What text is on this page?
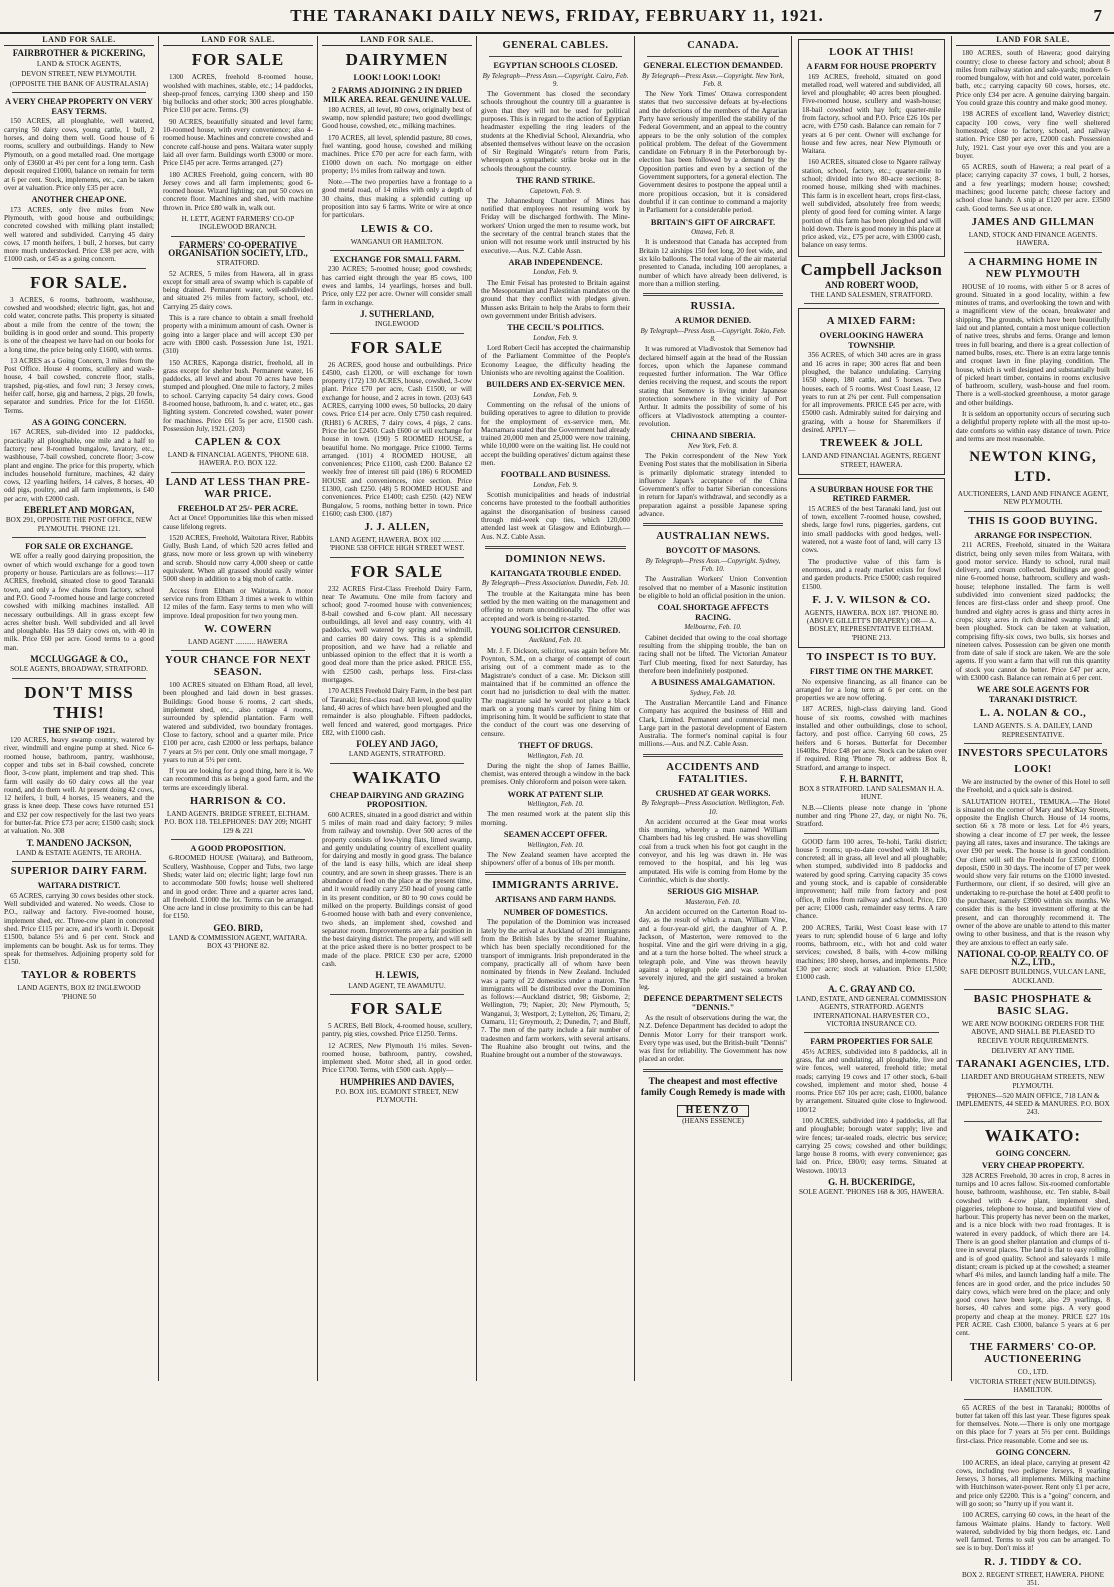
THE TARANAKI DAILY NEWS, FRIDAY, FEBRUARY 11, 1921.	7
LAND FOR SALE.
FAIRBROTHER & PICKERING,
LAND & STOCK AGENTS,
DEVON STREET, NEW PLYMOUTH.
(OPPOSITE THE BANK OF AUSTRALASIA)
A VERY CHEAP PROPERTY ON VERY EASY TERMS.

150 ACRES, all ploughable, well watered, carrying 50 dairy cows, young cattle, 1 bull, 2 horses, and doing them well. Good house of 6 rooms, scullery and outbuildings. Handy to New Plymouth, on a good metalled road. One mortgage only of £3600 at 4½ per cent for a long term. Cash deposit required £1000, balance on remain for term at 6 per cent. Stock, implements, etc., can be taken over at valuation. Price only £35 per acre.

ANOTHER CHEAP ONE.

173 ACRES, only five miles from New Plymouth, with good house and outbuildings; concreted cowshed with milking plant installed; well watered and subdivided. Carrying 45 dairy cows, 17 month heifers, 1 bull, 2 horses, but carry more much understocked. Price £38 per acre, with £1000 cash, or £45 as a going concern.

FOR SALE.

3 ACRES, 6 rooms, bathroom, washhouse, cowshed and woodshed; electric light, gas, hot and cold water, concrete paths. This property is situated about a mile from the centre of the town; the building is in good order and sound. This property is one of the cheapest we have had on our books for a long time, the price being only £1600, with terms.

13 ACRES as a Going Concern, 3 miles from the Post Office. House 4 rooms, scullery and wash-house, 4 bail cowshed, concrete floor, stalls, trapshed, pig-sties, and fowl run; 3 Jersey cows, heifer calf, horse, gig and harness, 2 pigs, 20 fowls, separator and sundries. Price for the lot £1650. Terms.

AS A GOING CONCERN.

167 ACRES, sub-divided into 12 paddocks, practically all ploughable, one mile and a half to factory; new 8-roomed bungalow, lavatory, etc., washhouse, 7-bail cowshed, concrete floor; 3-cow plant and engine. The price for this property, which includes household furniture, machines, 42 dairy cows, 12 yearling heifers, 14 calves, 8 horses, 40 odd pigs, poultry, and all farm implements, is £40 per acre, with £2000 cash.

EBERLET AND MORGAN,
BOX 291, OPPOSITE THE POST OFFICE, NEW PLYMOUTH. 'PHONE 121.
FOR SALE OR EXCHANGE.

WE offer a really good dairying proposition, the owner of which would exchange for a good town property or house. Particulars are as follows:—117 ACRES, freehold, situated close to good Taranaki town, and only a few chains from factory, school and P.O. Good 7-roomed house and large concreted cowshed with milking machines installed. All necessary outbuildings. All in grass except few acres shelter bush. Well subdivided and all level and ploughable. Has 59 dairy cows on, with 40 in milk. Price £60 per acre. Good terms to a good man.

MCCLUGGAGE & CO.,
SOLE AGENTS, BROADWAY, STRATFORD.
DON'T MISS THIS!
THE SNIP OF 1921.

120 ACRES, heavy swamp country, watered by river, windmill and engine pump at shed. Nice 6-roomed house, bathroom, pantry, washhouse, copper and tubs set in 8-bail cowshed, concrete floor, 3-cow plant, implement and trap shed. This farm will easily do 60 dairy cows all the year round, and do them well. At present doing 42 cows, 12 heifers, 1 bull, 4 horses, 15 weaners, and the grass is knee deep. These cows have returned £51 and £32 per cow respectively for the last two years for butter-fat. Price £73 per acre; £1500 cash; stock at valuation. No. 308

T. MANDENO JACKSON,
LAND & ESTATE AGENTS, TE AROHA.
SUPERIOR DAIRY FARM.
WAITARA DISTRICT.

65 ACRES, carrying 30 cows besides other stock. Well subdivided and watered. No weeds. Close to P.O., railway and factory. Five-roomed house, implement shed, etc. Three-cow plant in concreted shed. Price £115 per acre, and it's worth it. Deposit £1500, balance 5½ and 6 per cent. Stock and implements can be bought. Ask us for terms. They speak for themselves. Adjoining property sold for £150.

TAYLOR & ROBERTS
LAND AGENTS, BOX 82 INGLEWOOD 'PHONE 50
LAND FOR SALE.
FOR SALE

1300 ACRES, freehold 8-roomed house, woolshed with machines, stable, etc.; 14 paddocks, sheep-proof fences, carrying 1300 sheep and 150 big bullocks and other stock; 300 acres ploughable. Price £10 per acre. Terms. (9)

90 ACRES, beautifully situated and level farm; 10-roomed house, with every convenience; also 4-roomed house. Machines and concrete cowshed and concrete calf-house and pens. Waitara water supply laid all over farm. Buildings worth £3000 or more. Price £145 per acre. Terms arranged. (27)

180 ACRES Freehold, going concern, with 80 Jersey cows and all farm implements; good 6-roomed house. Wizard lighting; can put 50 cows on concrete floor. Machines and shed, with machine thrown in. Price £80 walk in, walk out.

H. LETT, AGENT FARMERS' CO-OP INGLEWOOD BRANCH.
FARMERS' CO-OPERATIVE ORGANISATION SOCIETY, LTD.,
STRATFORD.

52 ACRES, 5 miles from Hawera, all in grass except for small area of swamp which is capable of being drained. Permanent water, well-subdivided and situated 2½ miles from factory, school, etc. Carrying 25 dairy cows.

This is a rare chance to obtain a small freehold property with a minimum amount of cash. Owner is going into a larger place and will accept £30 per acre with £800 cash. Possession June 1st, 1921. (310)

150 ACRES, Kaponga district, freehold, all in grass except for shelter bush. Permanent water, 16 paddocks, all level and about 70 acres have been stumped and ploughed. One mile to factory, 2 miles to school. Carrying capacity 54 dairy cows. Good 8-roomed house, bathroom, h. and c. water, etc., gas lighting system. Concreted cowshed, water power for machines. Price £61 5s per acre, £1500 cash. Possession July, 1921. (203)

CAPLEN & COX
LAND & FINANCIAL AGENTS, 'PHONE 618. HAWERA. P.O. BOX 122.
LAND AT LESS THAN PRE-WAR PRICE.
FREEHOLD AT 25/- PER ACRE.

Act at Once! Opportunities like this when missed cause lifelong regrets.

1520 ACRES, Freehold, Waitotara River, Rabbits Gully, Bush Land, of which 520 acres felled and grass, now more or less grown up with wineberry and scrub. Should now carry 4,000 sheep or cattle equivalent. When all grassed should easily winter 5000 sheep in addition to a big mob of cattle.

Access from Eltham or Waitotara. A motor service runs from Eltham 3 times a week to within 12 miles of the farm. Easy terms to men who will improve. Ideal proposition for two young men.

W. COWERN
LAND AGENT ........... HAWERA
YOUR CHANCE FOR NEXT SEASON.

100 ACRES situated on Eltham Road, all level, been ploughed and laid down in best grasses. Buildings: Good house 6 rooms, 2 cart sheds, implement shed, etc., also cottage 4 rooms, surrounded by splendid plantation. Farm well watered and subdivided, two boundary frontages. Close to factory, school and a quarter mile. Price £100 per acre, cash £2000 or less perhaps, balance 7 years at 5½ per cent. Only one small mortgage, 7 years to run at 5½ per cent.

If you are looking for a good thing, here it is. We can recommend this as being a good farm, and the terms are exceedingly liberal.

HARRISON & CO.
LAND AGENTS. BRIDGE STREET, ELTHAM. P.O. BOX 118. TELEPHONES: DAY 209; NIGHT 129 & 221
A GOOD PROPOSITION.

6-ROOMED HOUSE (Waitara), and Bathroom, Scullery, Washhouse, Copper and Tubs, two large Sheds; water laid on; electric light; large fowl run to accommodate 500 fowls; house well sheltered and in good order. Three and a quarter acres land, all freehold. £1000 the lot. Terms can be arranged. One acre land in close proximity to this can be had for £150.

GEO. BIRD,
LAND & COMMISSION AGENT, WAITARA. BOX 43 'PHONE 82.
LAND FOR SALE.
DAIRYMEN
LOOK! LOOK! LOOK!
2 FARMS ADJOINING 2 IN DRIED MILK AREA. REAL GENUINE VALUE.

180 ACRES, all level, 80 cows, originally best of swamp, now splendid pasture; two good dwellings; Good house, cowshed, etc., milking machines.

170 ACRES, all level, splendid pasture, 80 cows, fuel wanting, good house, cowshed and milking machines. Price £70 per acre for each farm, with £1000 down on each. No mortgage on either property; 1½ miles from railway and town.

Note.—The two properties have a frontage to a good metal road, of 14 miles with only a depth of 30 chains, thus making a splendid cutting up proposition into say 6 farms. Write or wire at once for particulars.

LEWIS & CO.
WANGANUI OR HAMILTON.
EXCHANGE FOR SMALL FARM.

230 ACRES; 5-roomed house; good cowsheds; has carried eight through the year 85 cows, 100 ewes and lambs, 14 yearlings, horses and bull. Price, only £22 per acre. Owner will consider small farm in exchange.

J. SUTHERLAND,
INGLEWOOD
FOR SALE

26 ACRES, good house and outbuildings. Price £4500, cash £1200, or will exchange for town property (172) 130 ACRES, house, cowshed, 3-cow plant. Price £70 per acre, Cash £1500, or will exchange for house, and 2 acres in town. (203) 643 ACRES, carrying 1000 ewes, 50 bullocks, 20 dairy cows. Price £14 per acre. Only £750 cash required. (RH81) 6 ACRES, 7 dairy cows, 4 pigs, 2 cans. Price the lot £2450. Cash £600 or will exchange for house in town. (190) 5 ROOMED HOUSE, a beautiful home. No mortgage. Price £1000. Terms arranged. (101) 4 ROOMED HOUSE, all conveniences; Price £1100, cash £200. Balance £2 weekly free of interest till paid (186) 6 ROOMED HOUSE and conveniences, nice section. Price £1300, cash £250. (48) 5 ROOMED HOUSE and conveniences. Price £1400; cash £250. (42) NEW Bungalow, 5 rooms, nothing better in town. Price £1600; cash £300. (187)

J. J. ALLEN,
LAND AGENT, HAWERA. BOX 102 ............ 'PHONE 538 OFFICE HIGH STREET WEST.
FOR SALE

232 ACRES First-Class Freehold Dairy Farm, near Te Awamutu. One mile from factory and school; good 7-roomed house with conveniences; 8-bail cowshed and 6-cow plant. All necessary outbuildings, all level and easy country, with 41 paddocks, well watered by spring and windmill, and carries 80 dairy cows. This is a splendid proposition, and we have had a reliable and unbiassed opinion to the effect that it is worth a good deal more than the price asked. PRICE £55, with £2500 cash, perhaps less. First-class mortgages.

170 ACRES Freehold Dairy Farm, in the best part of Taranaki; first-class road. All level, good quality land, 40 acres of which have been ploughed and the remainder is also ploughable. Fifteen paddocks, well fenced and watered, good mortgages. Price £82, with £1000 cash.

FOLEY AND JAGO,
LAND AGENTS, STRATFORD.
WAIKATO
CHEAP DAIRYING AND GRAZING PROPOSITION.

600 ACRES, situated in a good district and within 5 miles of main road and dairy factory; 9 miles from railway and township. Over 500 acres of the property consists of low-lying flats, limed swamp, and gently undulating country of excellent quality for dairying and mostly in good grass. The balance of the land is easy hills, which are ideal sheep country, and are sown in sheep grasses. There is an abundance of feed on the place at the present time, and it would readily carry 250 head of young cattle in its present condition, or 80 to 90 cows could be milked on the property. Buildings consist of good 6-roomed house with bath and every convenience, two sheds, an implement shed, cowshed and separator room. Improvements are a fair position in the best dairying district. The property, and will sell at the price asked there is no better prospect to be made of the place. PRICE £30 per acre, £2000 cash.

H. LEWIS,
LAND AGENT, TE AWAMUTU.
FOR SALE

5 ACRES, Bell Block, 4-roomed house, scullery, pantry, pig sties, cowshed. Price £1250. Terms.

12 ACRES, New Plymouth 1½ miles. Seven-roomed house, bathroom, pantry, cowshed, implement shed. Motor shed, all in good order. Price £1700. Terms, with £500 cash. Apply—

HUMPHRIES AND DAVIES,
P.O. BOX 105. EGMONT STREET, NEW PLYMOUTH.
GENERAL CABLES.
EGYPTIAN SCHOOLS CLOSED.
By Telegraph—Press Assn.—Copyright. Cairo, Feb. 9.

The Government has closed the secondary schools throughout the country till a guarantee is given that they will not be used for political purposes. This is in regard to the action of Egyptian headmaster expelling the ring leaders of the students at the Khedivial School, Alexandria, who absented themselves without leave on the occasion of Sir Reginald Wingate's return from Paris, whereupon a sympathetic strike broke out in the schools throughout the country.

THE RAND STRIKE.
Capetown, Feb. 9.

The Johannesburg Chamber of Mines has notified that employees not resuming work by Friday will be discharged forthwith. The Mine-workers' Union urged the men to resume work, but the secretary of the central branch states that the union will not resume work until instructed by his executive.—Aus. N.Z. Cable Assn.

ARAB INDEPENDENCE.
London, Feb. 9.

The Emir Feisal has protested to Britain against the Mesopotamian and Palestinian mandates on the ground that they conflict with pledges given. Mussen asks Britain to help the Arabs to form their own government under British advisers.

THE CECIL'S POLITICS.
London, Feb. 9.

Lord Robert Cecil has accepted the chairmanship of the Parliament Committee of the People's Economy League, the difficulty heading the Unionists who are revolting against the Coalition.

BUILDERS AND EX-SERVICE MEN.
London, Feb. 9.

Commenting on the refusal of the unions of building operatives to agree to dilution to provide for the employment of ex-service men, Mr. Macnamara stated that the Government had already trained 20,000 men and 25,000 were now training, while 10,000 were on the waiting list. He could not accept the building operatives' dictum against these men.

FOOTBALL AND BUSINESS.
London, Feb. 9.

Scottish municipalities and heads of industrial concerns have protested to the football authorities against the disorganisation of business caused through mid-week cup ties, which 120,000 attended last week at Glasgow and Edinburgh.—Aus. N.Z. Cable Assn.

DOMINION NEWS.
KAITANGATA TROUBLE ENDED.
By Telegraph—Press Association. Dunedin, Feb. 10.

The trouble at the Kaitangata mine has been settled by the men waiting on the management and offering to return unconditionally. The offer was accepted and work is being re-started.

YOUNG SOLICITOR CENSURED.
Auckland, Feb. 10.

Mr. J. F. Dickson, solicitor, was again before Mr. Poynton, S.M., on a charge of contempt of court arising out of a comment made as to the Magistrate's conduct of a case. Mr. Dickson still maintained that if he committed an offence the court had no jurisdiction to deal with the matter. The magistrate said he would not place a black mark on a young man's career by fining him or imprisoning him. It would be sufficient to state that the conduct of the court was one deserving of censure.

THEFT OF DRUGS.
Wellington, Feb. 10.

During the night the shop of James Baillie, chemist, was entered through a window in the back premises. Only chloroform and poison were taken.

WORK AT PATENT SLIP.
Wellington, Feb. 10.

The men resumed work at the patent slip this morning.

SEAMEN ACCEPT OFFER.
Wellington, Feb. 10.

The New Zealand seamen have accepted the shipowners' offer of a bonus of 10s per month.

IMMIGRANTS ARRIVE.
ARTISANS AND FARM HANDS.
NUMBER OF DOMESTICS.

The population of the Dominion was increased lately by the arrival at Auckland of 201 immigrants from the British Isles by the steamer Ruahine, which has been specially reconditioned for the transport of immigrants. Irish preponderated in the company, practically all of whom have been nominated by friends in New Zealand. Included was a party of 22 domestics under a matron. The immigrants will be distributed over the Dominion as follows:—Auckland district, 98; Gisborne, 2; Wellington, 79; Napier, 20; New Plymouth, 5; Wanganui, 3; Westport, 2; Lyttelton, 26; Timaru, 2; Oamaru, 11; Greymouth, 2; Dunedin, 7; and Bluff, 7. The men of the party include a fair number of tradesmen and farm workers, with several artisans. The Ruahine also brought out twins, and the Ruahine brought out a number of the stowaways.

CANADA.
GENERAL ELECTION DEMANDED.
By Telegraph—Press Assn.—Copyright. New York, Feb. 8.

The New York Times' Ottawa correspondent states that two successive defeats at by-elections and the defections of the members of the Agrarian Party have seriously imperilled the stability of the Federal Government, and an appeal to the country appears to be the only solution of the complex political problem. The defeat of the Government candidate on February 8 in the Peterborough by-election has been followed by a demand by the Opposition parties and even by a section of the Government supporters, for a general election. The Government desires to postpone the appeal until a more propitious occasion, but it is considered doubtful if it can continue to command a majority in Parliament for a considerable period.

BRITAIN'S GIFT OF AIRCRAFT.
Ottawa, Feb. 8.

It is understood that Canada has accepted from Britain 12 airships 150 feet long, 20 feet wide, and six kilo balloons. The total value of the air material presented to Canada, including 100 aeroplanes, a number of which have already been delivered, is more than a million sterling.

RUSSIA.
A RUMOR DENIED.
By Telegraph—Press Assn.—Copyright. Tokio, Feb. 8.

It was rumored at Vladivostok that Semenov had declared himself again at the head of the Russian forces, upon which the Japanese command requested further information. The War Office denies receiving the request, and scouts the report stating that Semenov is living under Japanese protection somewhere in the vicinity of Port Arthur. It admits the possibility of some of his officers at Vladivostock attempting a counter-revolution.

CHINA AND SIBERIA.
New York, Feb. 8.

The Pekin correspondent of the New York Evening Post states that the mobilisation in Siberia is primarily diplomatic strategy intended to influence Japan's acceptance of the China Government's offer to barter Siberian concessions in return for Japan's withdrawal, and secondly as a preparation against a possible Japanese spring advance.

AUSTRALIAN NEWS.
BOYCOTT OF MASONS.
By Telegraph—Press Assn.—Copyright. Sydney, Feb. 10.

The Australian Workers' Union Convention resolved that no member of a Masonic institution be eligible to hold an official position in the union.

COAL SHORTAGE AFFECTS RACING.
Melbourne, Feb. 10.

Cabinet decided that owing to the coal shortage resulting from the shipping trouble, the ban on racing shall not be lifted. The Victorian Amateur Turf Club meeting, fixed for next Saturday, has therefore been indefinitely postponed.

A BUSINESS AMALGAMATION.
Sydney, Feb. 10.

The Australian Mercantile Land and Finance Company has acquired the business of Hill and Clark, Limited. Permanent and commercial men. Large part in the pastoral development of Eastern Australia. The former's nominal capital is four millions.—Aus. and N.Z. Cable Assn.

ACCIDENTS AND FATALITIES.
CRUSHED AT GEAR WORKS.
By Telegraph—Press Association. Wellington, Feb. 10.

An accident occurred at the Gear meat works this morning, whereby a man named William Chambers had his leg crushed. He was shovelling coal from a truck when his foot got caught in the conveyor, and his leg was drawn in. He was removed to the hospital, and his leg was amputated. His wife is coming from Home by the Corinthic, which is due shortly.

SERIOUS GIG MISHAP.
Masterton, Feb. 10.

An accident occurred on the Carterton Road to-day, as the result of which a man, William Vine, and a four-year-old girl, the daughter of A. P. Jackson, of Masterton, were removed to the hospital. Vine and the girl were driving in a gig, and at a turn the horse bolted. The wheel struck a telegraph pole, and Vine was thrown heavily against a telegraph pole and was somewhat severely injured, and the girl sustained a broken leg.

DEFENCE DEPARTMENT SELECTS "DENNIS."

As the result of observations during the war, the N.Z. Defence Department has decided to adopt the Dennis Motor Lorry for their transport work. Every type was used, but the British-built "Dennis" was first for reliability. The Government has now placed an order.

The cheapest and most effective family Cough Remedy is made with
HEENZO
(HEANS ESSENCE)
LOOK AT THIS!
A FARM FOR HOUSE PROPERTY

169 ACRES, freehold, situated on good metalled road, well watered and subdivided, all level and ploughable; 40 acres been ploughed. Five-roomed house, scullery and wash-house; 18-bail cowshed with hay loft; quarter-mile from factory, school and P.O. Price £26 10s per acre, with £750 cash. Balance can remain for 7 years at 6 per cent. Owner will exchange for house and few acres, near New Plymouth or Waitara.

160 ACRES, situated close to Ngaere railway station, school, factory, etc.; quarter-mile to school; divided into two 80-acre sections; 8-roomed house, milking shed with machines. This farm is in excellent heart, crops first-class, well subdivided, absolutely free from weeds; plenty of good feed for coming winter. A large portion of this farm has been ploughed and will hold down. There is good money in this place at price asked, viz., £75 per acre, with £3000 cash, balance on easy terms.

Campbell Jackson
AND ROBERT WOOD,
THE LAND SALESMEN, STRATFORD.
A MIXED FARM:
OVERLOOKING HAWERA TOWNSHIP.

356 ACRES, of which 340 acres are in grass and 16 acres in rape; 300 acres flat and been ploughed, the balance undulating. Carrying 1650 sheep, 180 cattle, and 5 horses. Two houses, each of 5 rooms. West Coast Lease, 12 years to run at 2¾ per cent. Full compensation for all improvements. PRICE £45 per acre, with £5000 cash. Admirably suited for dairying and grazing, with a house for Sharemilkers if desired. APPLY—

TREWEEK & JOLL
LAND AND FINANCIAL AGENTS, REGENT STREET, HAWERA.
A SUBURBAN HOUSE FOR THE RETIRED FARMER.

15 ACRES of the best Taranaki land, just out of town, excellent 7-roomed house, cowshed, sheds, large fowl runs, piggeries, gardens, cut into small paddocks with good hedges, well-watered, not a waste foot of land, will carry 13 cows.

The productive value of this farm is enormous, and a ready market exists for fowl and garden products. Price £5000; cash required £1500.

F. J. V. WILSON & CO.
AGENTS, HAWERA. BOX 187. 'PHONE 80. (ABOVE GILLETT'S DRAPERY.) OR— A. BOSLEY, REPRESENTATIVE ELTHAM. 'PHONE 213.
TO INSPECT IS TO BUY.
FIRST TIME ON THE MARKET.

No expensive financing, as all finance can be arranged for a long term at 6 per cent. on the properties we are now offering.

187 ACRES, high-class dairying land. Good house of six rooms, cowshed with machines installed and other outbuildings, close to school, factory, and post office. Carrying 60 cows, 25 heifers and 6 horses. Butterfat for December 1640lbs. Price £48 per acre. Stock can be taken over if required. Ring 'Phone 78, or address Box 8, Stratford, and arrange to inspect.

F. H. BARNITT,
BOX 8 STRATFORD. LAND SALESMAN H. A. HUNT.

N.B.—Clients please note change in 'phone number and ring 'Phone 27, day, or night No. 76, Stratford.

GOOD farm 100 acres, Te-hohi, Tariki district; house 5 rooms; up-to-date cowshed with 18 bails, concreted; all in grass, all level and all ploughable; when stumped, subdivided into 8 paddocks and watered by good spring. Carrying capacity 35 cows and young stock, and is capable of considerable improvement; half mile from factory and post office, 8 miles from railway and school. Price, £30 per acre; £1000 cash, remainder easy terms. A rare chance.

200 ACRES, Tariki, West Coast lease with 17 years to run; splendid house of 6 large and lofty rooms, bathroom, etc., with hot and cold water services; cowshed, 8 bails, with 4-cow milking machines; 180 sheep, horses, and implements. Price £30 per acre; stock at valuation. Price £1,500; £1000 cash.

A. C. GRAY AND CO.
LAND, ESTATE, AND GENERAL COMMISSION AGENTS, STRATFORD. AGENTS INTERNATIONAL HARVESTER CO., VICTORIA INSURANCE CO.
FARM PROPERTIES FOR SALE

45½ ACRES, subdivided into 8 paddocks, all in grass, flat and undulating, all ploughable, live and wire fences, well watered, freehold title; metal roads; carrying 19 cows and 17 other stock, 6-bail cowshed, implement and motor shed, house 4 rooms. Price £67 10s per acre; cash, £1000, balance by arrangement. Situated quite close to Inglewood. 100/12

100 ACRES, subdivided into 4 paddocks, all flat and ploughable; borough water supply; live and wire fences; tar-sealed roads, electric bus service; carrying 25 cows; cowshed and other buildings; large house 8 rooms, with every convenience; gas laid on. Price, £80/0; easy terms. Situated at Westown. 100/13

G. H. BUCKERIDGE,
SOLE AGENT. 'PHONES 168 & 305, HAWERA.
LAND FOR SALE.

180 ACRES, south of Hawera; good dairying country; close to cheese factory and school; about 8 miles from railway station and sale-yards; modern 6-roomed bungalow, with hot and cold water, porcelain bath, etc.; carrying capacity 60 cows, horses, etc. Price only £34 per acre. A genuine dairying bargain. You could graze this country and make good money.

198 ACRES of excellent land, Waverley district; capacity 100 cows, very fine well sheltered homestead; close to factory, school, and railway station. Price £80 per acre, £2000 cash. Possession July, 1921. Cast your eye over this and you are a buyer.

65 ACRES, south of Hawera; a real pearl of a place; carrying capacity 37 cows, 1 bull, 2 horses, and a few yearlings; modern house; cowshed; machines; good lucerne patch; cheese factory and school close handy. A snip at £120 per acre. £3500 cash. Good terms. See us at once.

JAMES AND GILLMAN
LAND, STOCK AND FINANCE AGENTS. HAWERA.
A CHARMING HOME IN NEW PLYMOUTH

HOUSE of 10 rooms, with either 5 or 8 acres of ground. Situated in a good locality, within a few minutes of trams, and overlooking the town and with a magnificent view of the ocean, breakwater and shipping. The grounds, which have been beautifully laid out and planted, contain a most unique collection of native trees, shrubs and ferns. Orange and lemon trees in full bearing, and there is a great collection of named bulbs, roses, etc. There is an extra large tennis and croquet lawn in fine playing condition. The house, which is well designed and substantially built of picked heart timber, contains in rooms exclusive of bathroom, scullery, wash-house and fuel room. There is a well-stocked greenhouse, a motor garage and other buildings.

It is seldom an opportunity occurs of securing such a delightful property replete with all the most up-to-date comforts so within easy distance of town. Price and terms are most reasonable.

NEWTON KING, LTD.
AUCTIONEERS, LAND AND FINANCE AGENT, NEW PLYMOUTH.
THIS IS GOOD BUYING.
ARRANGE FOR INSPECTION.

211 ACRES, Freehold, situated in the Waitara district, being only seven miles from Waitara, with good motor service. Handy to school, rural mail delivery, and cream collected. Buildings are good; nine 6-roomed house, bathroom, scullery and wash-house; telephone installed. The farm is well subdivided into convenient sized paddocks; the fences are first-class order and sheep proof. One hundred and eighty acres is grass and thirty acres in crops; sixty acres in rich drained swamp land; all been ploughed. Stock can be taken at valuation, comprising fifty-six cows, two bulls, six horses and nineteen calves. Possession can be given one month from date of sale if stock are taken. We are the sole agents. If you want a farm that will run this quantity of stock you cannot do better. Price £47 per acre, with £3000 cash. Balance can remain at 6 per cent.

WE ARE SOLE AGENTS FOR TARANAKI DISTRICT.
L. A. NOLAN & CO.,
LAND AGENTS. S. A. DAILEY, LAND REPRESENTATIVE.
INVESTORS SPECULATORS
LOOK!

We are instructed by the owner of this Hotel to sell the Freehold, and a quick sale is desired.

SALUTATION HOTEL, TEMUKA.—The Hotel is situated on the corner of Mary and McKay Streets, opposite the English Church. House of 14 rooms, section 66 x 78 more or less. Let for 4½ years, showing a clear income of £7 per week, the lessee paying all rates, taxes and insurance. The takings are over £90 per week. The house is in good condition. Our client will sell the Freehold for £3500; £1000 deposit, £500 in 30 days. The income of £7 per week would show very fair returns on the £1000 invested. Furthermore, our client, if so desired, will give an undertaking to re-purchase the hotel at £400 profit to the purchaser, namely £3900 within six months. We consider this is the best investment offering at the present, and can thoroughly recommend it. The owner of the above are unable to attend to this matter owing to other business, and that is the reason why they are anxious to effect an early sale.

NATIONAL CO-OP. REALTY CO. OF N.Z., LTD.,
SAFE DEPOSIT BUILDINGS, VULCAN LANE, AUCKLAND.
BASIC PHOSPHATE & BASIC SLAG.
WE ARE NOW BOOKING ORDERS FOR THE ABOVE, AND SHALL BE PLEASED TO RECEIVE YOUR REQUIREMENTS.
DELIVERY AT ANY TIME.
TARANAKI AGENCIES, LTD.
LIARDET AND BROUGHAM STREETS, NEW PLYMOUTH.
'PHONES—520 MAIN OFFICE, 718 LAN & IMPLEMENTS, 44 SEED & MANURES. P.O. BOX 243.
WAIKATO:
GOING CONCERN.
VERY CHEAP PROPERTY.

328 ACRES Freehold, 30 acres in crop, 8 acres in turnips and 10 acres fallow. Six-roomed comfortable house, bathroom, washhouse, etc. Ten stable, 8-bail cowshed with 4-cow plant, implement shed, piggeries, telephone to house, and beautiful view of harbour. This property has never been on the market, and is a nice block with two road frontages. It is watered in every paddock, of which there are 14. There is an good shelter plantation and clumps of ti-tree in several places. The land is flat to easy rolling, and is of good quality. School and saleyards 1 mile distant; cream is picked up at the cowshed; a steamer wharf 4¼ miles, and launch landing half a mile. The fences are in good order, and the price includes 50 dairy cows, which were bred on the place; and only good cows have been kept, also 29 yearlings, 8 horses, 40 calves and some pigs. A very good property and cheap at the money. PRICE £27 10s PER ACRE. Cash £3000, balance 5 years at 6 per cent.

THE FARMERS' CO-OP. AUCTIONEERING
CO., LTD.
VICTORIA STREET (NEW BUILDINGS). HAMILTON.

65 ACRES of the best in Taranaki; 8000lbs of butter fat taken off this last year. These figures speak for themselves. Note.—There is only one mortgage on this place for 7 years at 5½ per cent. Buildings first-class. Price reasonable. Come and see us.

GOING CONCERN.

100 ACRES, an ideal place, carrying at present 42 cows, including two pedigree Jerseys, 8 yearling Jerseys, 3 horses, all implements. Milking machine with Hutchinson water-power. Rent only £1 per acre, and price only £2200. This is a "going" concern, and will go soon; so "hurry up if you want it.

100 ACRES, carrying 60 cows, in the heart of the famous Waimate plains. Handy to factory. Well watered, subdivided by big thorn hedges, etc. Land well farmed. Terms to suit you can be arranged. To see is to buy. Don't miss it!

R. J. TIDDY & CO.
BOX 2. REGENT STREET, HAWERA. PHONE 351.
